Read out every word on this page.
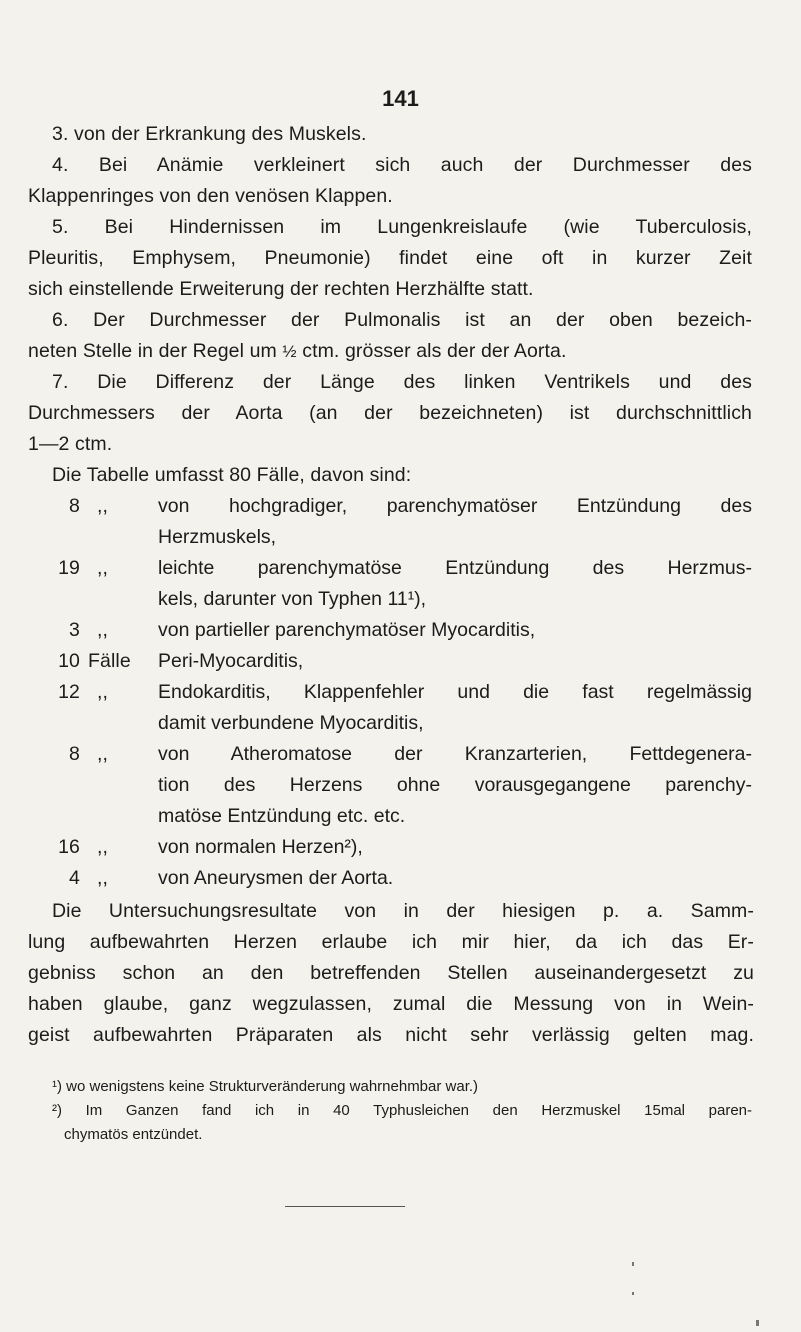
141
3. von der Erkrankung des Muskels.
4. Bei Anämie verkleinert sich auch der Durchmesser des
Klappenringes von den venösen Klappen.
5. Bei Hindernissen im Lungenkreislaufe (wie Tuberculosis,
Pleuritis, Emphysem, Pneumonie) findet eine oft in kurzer Zeit
sich einstellende Erweiterung der rechten Herzhälfte statt.
6. Der Durchmesser der Pulmonalis ist an der oben bezeich-
neten Stelle in der Regel um ½ ctm. grösser als der der Aorta.
7. Die Differenz der Länge des linken Ventrikels und des
Durchmessers der Aorta (an der bezeichneten) ist durchschnittlich
1—2 ctm.
Die Tabelle umfasst 80 Fälle, davon sind:
8 ,,	von hochgradiger, parenchymatöser Entzündung des
Herzmuskels,
19 ,,	leichte parenchymatöse Entzündung des Herzmus-
kels, darunter von Typhen 11¹),
3 ,,	von partieller parenchymatöser Myocarditis,
10 Fälle Peri-Myocarditis,
12 ,,	Endokarditis, Klappenfehler und die fast regelmässig
damit verbundene Myocarditis,
8 ,,	von Atheromatose der Kranzarterien, Fettdegenera-
tion des Herzens ohne vorausgegangene parenchy-
matöse Entzündung etc. etc.
16 ,,	von normalen Herzen²),
4 ,,	von Aneurysmen der Aorta.
Die Untersuchungsresultate von in der hiesigen p. a. Samm-
lung aufbewahrten Herzen erlaube ich mir hier, da ich das Er-
gebniss schon an den betreffenden Stellen auseinandergesetzt zu
haben glaube, ganz wegzulassen, zumal die Messung von in Wein-
geist aufbewahrten Präparaten als nicht sehr verlässig gelten mag.
¹) wo wenigstens keine Strukturveränderung wahrnehmbar war.)
²) Im Ganzen fand ich in 40 Typhusleichen den Herzmuskel 15mal paren-
chymatös entzündet.
